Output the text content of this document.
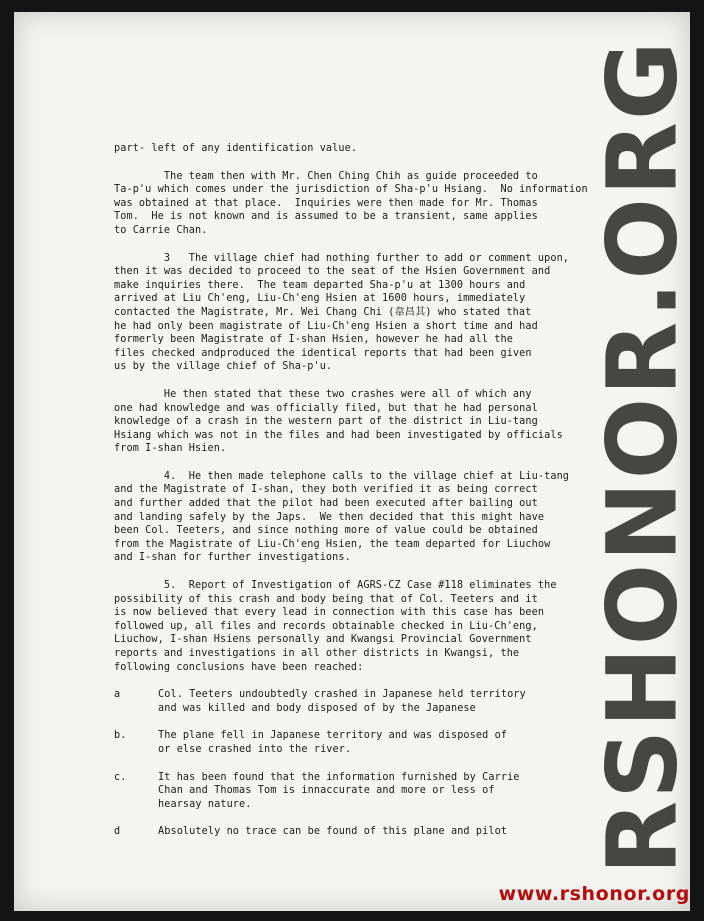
part- left of any identification value.
The team then with Mr. Chen Ching Chih as guide proceeded to
Ta-p'u which comes under the jurisdiction of Sha-p'u Hsiang.  No information
was obtained at that place.  Inquiries were then made for Mr. Thomas
Tom.  He is not known and is assumed to be a transient, same applies
to Carrie Chan.
3   The village chief had nothing further to add or comment upon,
then it was decided to proceed to the seat of the Hsien Government and
make inquiries there.  The team departed Sha-p'u at 1300 hours and
arrived at Liu Ch'eng, Liu-Ch'eng Hsien at 1600 hours, immediately
contacted the Magistrate, Mr. Wei Chang Chi (韋昌其) who stated that
he had only been magistrate of Liu-Ch'eng Hsien a short time and had
formerly been Magistrate of I-shan Hsien, however he had all the
files checked andproduced the identical reports that had been given
us by the village chief of Sha-p'u.
He then stated that these two crashes were all of which any
one had knowledge and was officially filed, but that he had personal
knowledge of a crash in the western part of the district in Liu-tang
Hsiang which was not in the files and had been investigated by officials
from I-shan Hsien.
4.  He then made telephone calls to the village chief at Liu-tang
and the Magistrate of I-shan, they both verified it as being correct
and further added that the pilot had been executed after bailing out
and landing safely by the Japs.  We then decided that this might have
been Col. Teeters, and since nothing more of value could be obtained
from the Magistrate of Liu-Ch'eng Hsien, the team departed for Liuchow
and I-shan for further investigations.
5.  Report of Investigation of AGRS-CZ Case #118 eliminates the
possibility of this crash and body being that of Col. Teeters and it
is now believed that every lead in connection with this case has been
followed up, all files and records obtainable checked in Liu-Ch'eng,
Liuchow, I-shan Hsiens personally and Kwangsi Provincial Government
reports and investigations in all other districts in Kwangsi, the
following conclusions have been reached:
a	Col. Teeters undoubtedly crashed in Japanese held territory
and was killed and body disposed of by the Japanese
b.	The plane fell in Japanese territory and was disposed of
or else crashed into the river.
c.	It has been found that the information furnished by Carrie
Chan and Thomas Tom is innaccurate and more or less of
hearsay nature.
d	Absolutely no trace can be found of this plane and pilot RSHONOR.ORG
www.rshonor.org
